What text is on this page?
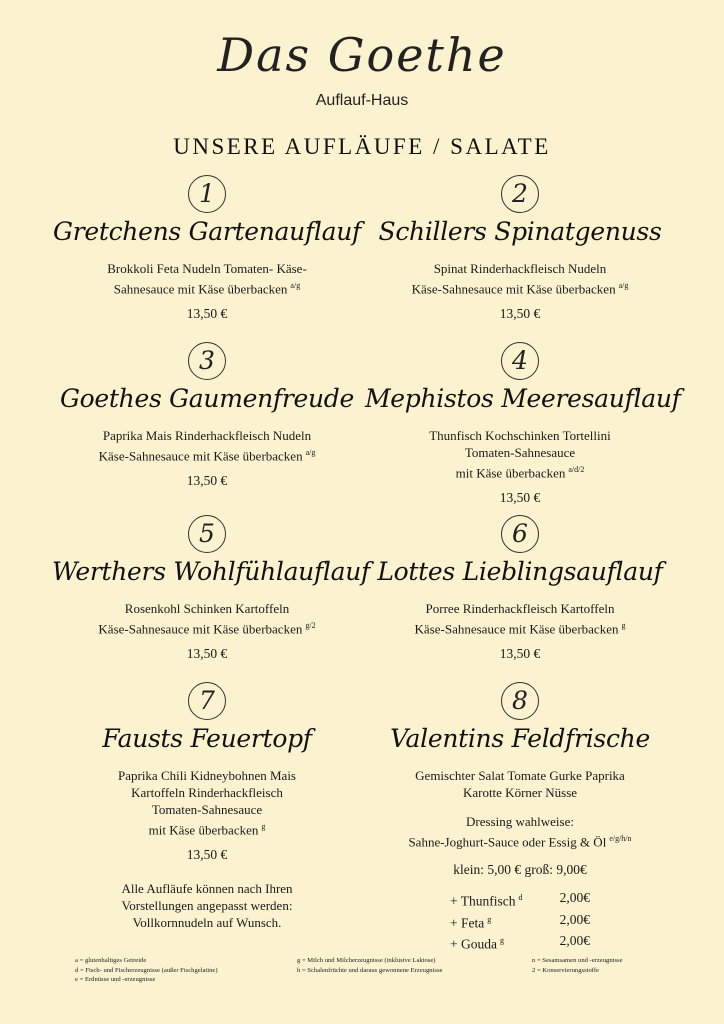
Das Goethe
Auflauf-Haus
UNSERE AUFLÄUFE / SALATE
1
Gretchens Gartenauflauf
Brokkoli Feta Nudeln Tomaten- Käse-
Sahnesauce mit Käse überbacken $^{a/g}$
13,50 €
2
Schillers Spinatgenuss
Spinat Rinderhackfleisch Nudeln
Käse-Sahnesauce mit Käse überbacken $^{a/g}$
13,50 €
3
Goethes Gaumenfreude
Paprika Mais Rinderhackfleisch Nudeln
Käse-Sahnesauce mit Käse überbacken $^{a/g}$
13,50 €
4
Mephistos Meeresauflauf
Thunfisch Kochschinken Tortellini
Tomaten-Sahnesauce
mit Käse überbacken $^{a/d/2}$
13,50 €
5
Werthers Wohlfühlauflauf
Rosenkohl Schinken Kartoffeln
Käse-Sahnesauce mit Käse überbacken $^{g/2}$
13,50 €
6
Lottes Lieblingsauflauf
Porree Rinderhackfleisch Kartoffeln
Käse-Sahnesauce mit Käse überbacken $^g$
13,50 €
7
Fausts Feuertopf
Paprika Chili Kidneybohnen Mais
Kartoffeln Rinderhackfleisch
Tomaten-Sahnesauce
mit Käse überbacken $^g$
13,50 €
8
Valentins Feldfrische
Gemischter Salat Tomate Gurke Paprika
Karotte Körner Nüsse
Dressing wahlweise:
Sahne-Joghurt-Sauce oder Essig & Öl $^{e/g/h/n}$
klein: 5,00 € groß: 9,00€
+ Thunfisch $^d$	2,00€
+ Feta $^g$	2,00€
+ Gouda $^g$	2,00€
Alle Aufläufe können nach Ihren
Vorstellungen angepasst werden:
Vollkornnudeln auf Wunsch.
a = glutenhaltiges Getreide
d = Fisch- und Fischerzeugnisse (außer Fischgelatine)
e = Erdnüsse und -erzeugnisse
g = Milch und Milcherzeugnisse (inklusive Laktose)
h = Schalenfrüchte und daraus gewonnene Erzeugnisse
n = Sesamsamen und -erzeugnisse
2 = Konservierungsstoffe
